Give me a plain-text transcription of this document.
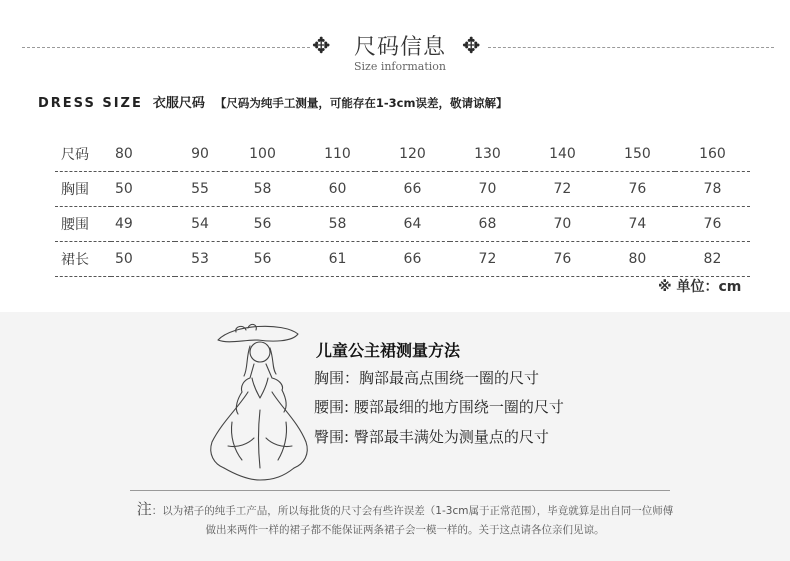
✥	尺码信息 ✥
Size information
DRESS SIZE 衣服尺码 【尺码为纯手工测量，可能存在1-3cm误差，敬请谅解】
尺码	80	90	100	110	120	130	140	150	160
胸围	50	55	58	60	66	70	72	76	78
腰围	49	54	56	58	64	68	70	74	76
裙长	50	53	56	61	66	72	76	80	82
※ 单位：cm
儿童公主裙测量方法
胸围：胸部最高点围绕一圈的尺寸
腰围: 腰部最细的地方围绕一圈的尺寸
臀围: 臀部最丰满处为测量点的尺寸
注：以为裙子的纯手工产品，所以每批货的尺寸会有些许误差（1-3cm属于正常范围），毕竟就算是出自同一位师傅做出来两件一样的裙子都不能保证两条裙子会一模一样的。关于这点请各位亲们见谅。
